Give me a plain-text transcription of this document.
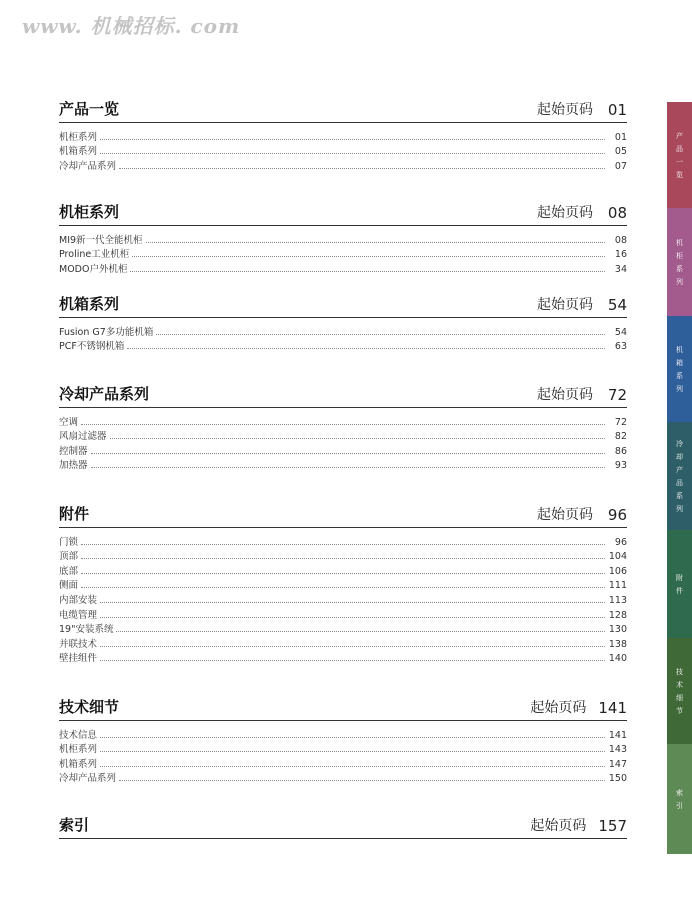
www. 机械招标. com
产品一览	起始页码 01
机柜系列	01
机箱系列	05
冷却产品系列	07
机柜系列	起始页码 08
MI9新一代全能机柜	08
Proline工业机柜	16
MODO户外机柜	34
机箱系列	起始页码 54
Fusion G7多功能机箱	54
PCF不锈钢机箱	63
冷却产品系列	起始页码 72
空调	72
风扇过滤器	82
控制器	86
加热器	93
附件	起始页码 96
门锁	96
顶部	104
底部	106
侧面	111
内部安装	113
电缆管理	128
19"安装系统	130
并联技术	138
壁挂组件	140
技术细节	起始页码 141
技术信息	141
机柜系列	143
机箱系列	147
冷却产品系列	150
索引	起始页码 157
产
品
一
览
机
柜
系
列
机
箱
系
列
冷
却
产
品
系
列
附
件
技
术
细
节
索
引
